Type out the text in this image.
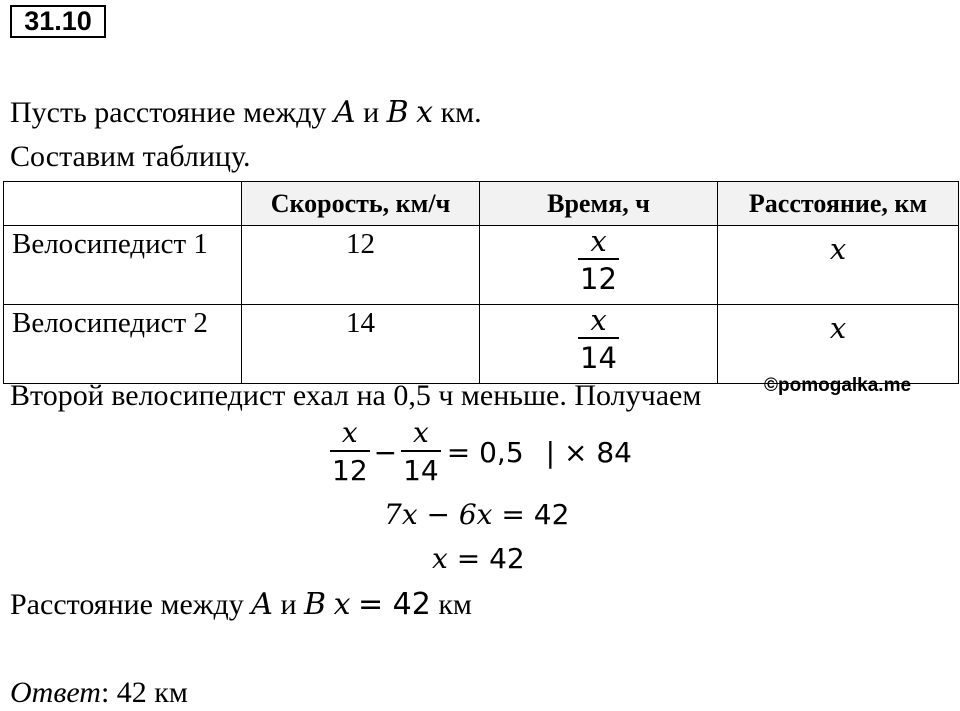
31.10
Пусть расстояние между A и B x км.
Составим таблицу.
	Скорость, км/ч	Время, ч	Расстояние, км
Велосипедист 1	12	$\frac{x}{12}$	x
Велосипедист 2	14	$\frac{x}{14}$	x
Второй велосипедист ехал на 0,5 ч меньше. Получаем	©pomogalka.me
$\frac{x}{12} - \frac{x}{14} = 0,5$ | × 84
7x − 6x = 42
x = 42
Расстояние между A и B x = 42 км
Ответ: 42 км
